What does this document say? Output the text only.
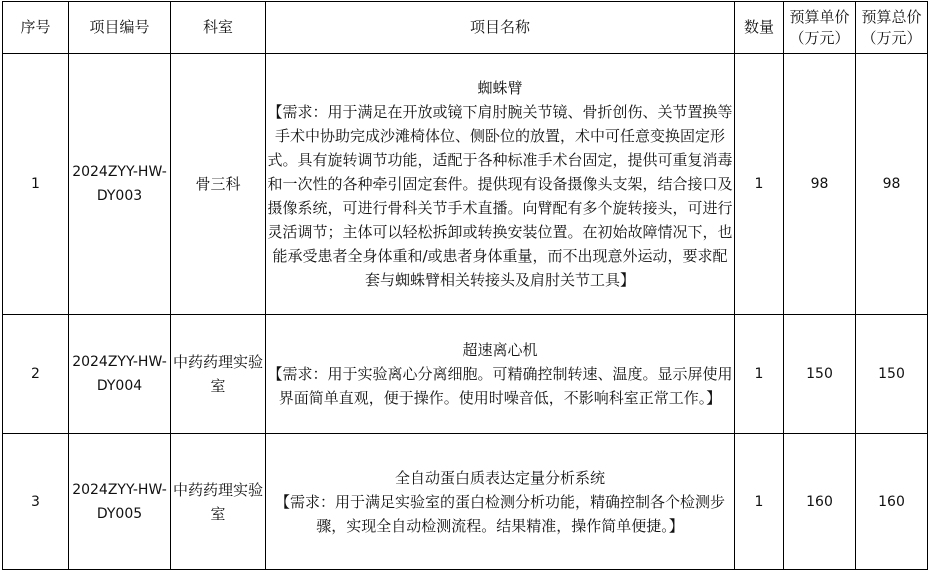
序号	项目编号	科室	项目名称	数量	预算单价（万元）	预算总价（万元）
1	2024ZYY-HW-DY003	骨三科	蜘蛛臂
【需求：用于满足在开放或镜下肩肘腕关节镜、骨折创伤、关节置换等手术中协助完成沙滩椅体位、侧卧位的放置，术中可任意变换固定形式。具有旋转调节功能，适配于各种标准手术台固定，提供可重复消毒和一次性的各种牵引固定套件。提供现有设备摄像头支架，结合接口及摄像系统，可进行骨科关节手术直播。向臂配有多个旋转接头，可进行灵活调节；主体可以轻松拆卸或转换安装位置。在初始故障情况下，也能承受患者全身体重和/或患者身体重量，而不出现意外运动，要求配套与蜘蛛臂相关转接头及肩肘关节工具】	1	98	98
2	2024ZYY-HW-DY004	中药药理实验室	超速离心机
【需求：用于实验离心分离细胞。可精确控制转速、温度。显示屏使用界面简单直观，便于操作。使用时噪音低，不影响科室正常工作。】	1	150	150
3	2024ZYY-HW-DY005	中药药理实验室	全自动蛋白质表达定量分析系统
【需求：用于满足实验室的蛋白检测分析功能，精确控制各个检测步骤，实现全自动检测流程。结果精准，操作简单便捷。】	1	160	160
